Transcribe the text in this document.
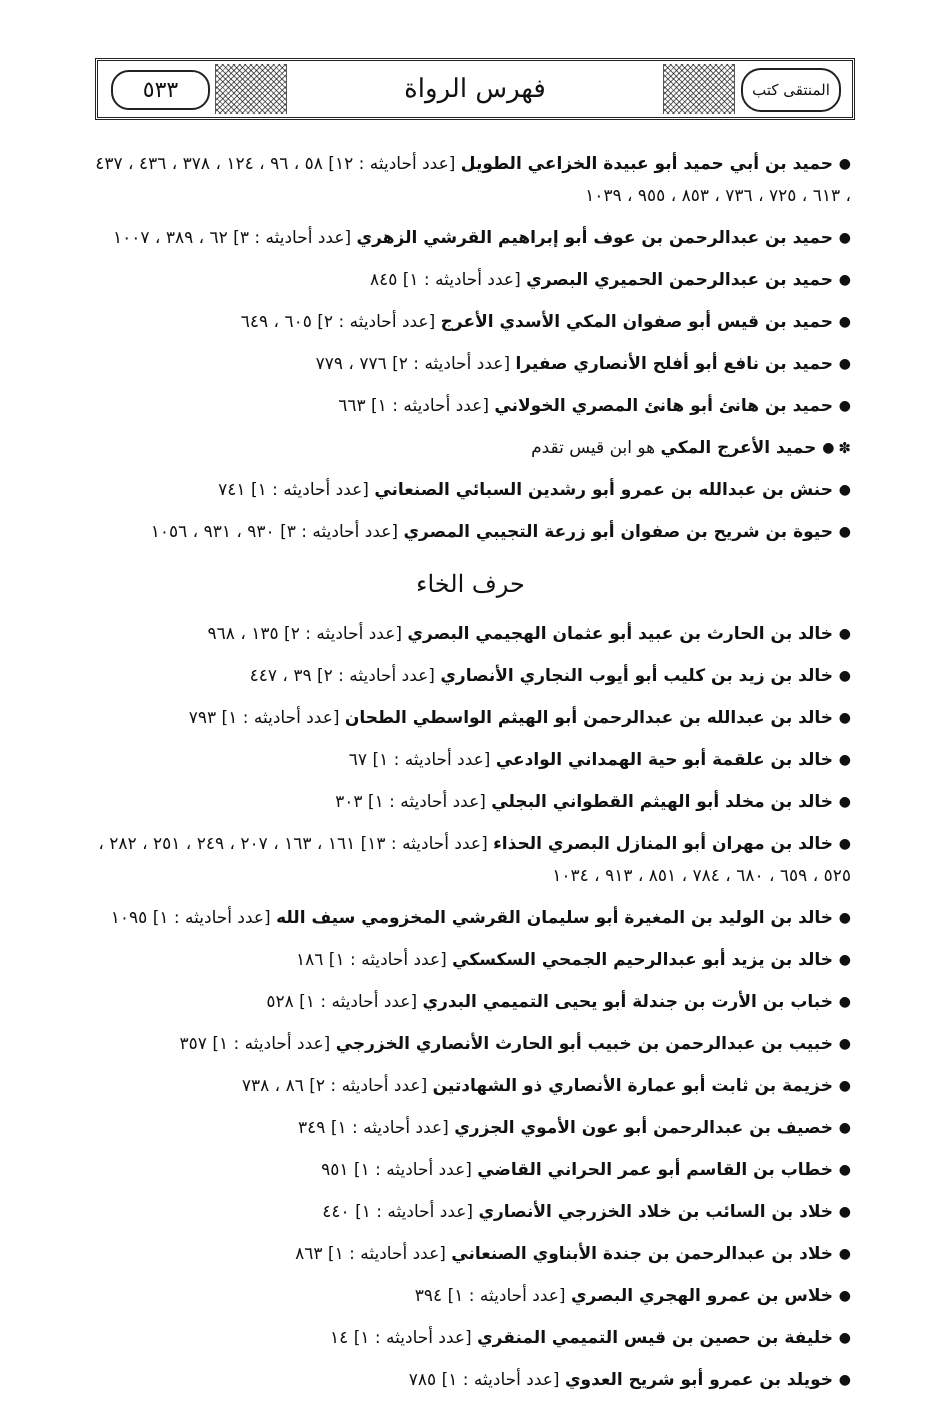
٥٣٣	فهرس الرواة	المنتقى كتب
●حميد بن أبي حميد أبو عبيدة الخزاعي الطويل [عدد أحاديثه : ١٢] ٥٨ ، ٩٦ ، ١٢٤ ، ٣٧٨ ، ٤٣٦ ، ٤٣٧ ، ٦١٣ ، ٧٢٥ ، ٧٣٦ ، ٨٥٣ ، ٩٥٥ ، ١٠٣٩
●حميد بن عبدالرحمن بن عوف أبو إبراهيم القرشي الزهري [عدد أحاديثه : ٣] ٦٢ ، ٣٨٩ ، ١٠٠٧
●حميد بن عبدالرحمن الحميري البصري [عدد أحاديثه : ١] ٨٤٥
●حميد بن قيس أبو صفوان المكي الأسدي الأعرج [عدد أحاديثه : ٢] ٦٠٥ ، ٦٤٩
●حميد بن نافع أبو أفلح الأنصاري صفيرا [عدد أحاديثه : ٢] ٧٧٦ ، ٧٧٩
●حميد بن هانئ أبو هانئ المصري الخولاني [عدد أحاديثه : ١] ٦٦٣
✽●حميد الأعرج المكي هو ابن قيس تقدم
●حنش بن عبدالله بن عمرو أبو رشدين السبائي الصنعاني [عدد أحاديثه : ١] ٧٤١
●حيوة بن شريح بن صفوان أبو زرعة التجيبي المصري [عدد أحاديثه : ٣] ٩٣٠ ، ٩٣١ ، ١٠٥٦
حرف الخاء
●خالد بن الحارث بن عبيد أبو عثمان الهجيمي البصري [عدد أحاديثه : ٢] ١٣٥ ، ٩٦٨
●خالد بن زيد بن كليب أبو أيوب النجاري الأنصاري [عدد أحاديثه : ٢] ٣٩ ، ٤٤٧
●خالد بن عبدالله بن عبدالرحمن أبو الهيثم الواسطي الطحان [عدد أحاديثه : ١] ٧٩٣
●خالد بن علقمة أبو حية الهمداني الوادعي [عدد أحاديثه : ١] ٦٧
●خالد بن مخلد أبو الهيثم القطواني البجلي [عدد أحاديثه : ١] ٣٠٣
●خالد بن مهران أبو المنازل البصري الحذاء [عدد أحاديثه : ١٣] ١٦١ ، ١٦٣ ، ٢٠٧ ، ٢٤٩ ، ٢٥١ ، ٢٨٢ ، ٥٢٥ ، ٦٥٩ ، ٦٨٠ ، ٧٨٤ ، ٨٥١ ، ٩١٣ ، ١٠٣٤
●خالد بن الوليد بن المغيرة أبو سليمان القرشي المخزومي سيف الله [عدد أحاديثه : ١] ١٠٩٥
●خالد بن يزيد أبو عبدالرحيم الجمحي السكسكي [عدد أحاديثه : ١] ١٨٦
●خباب بن الأرت بن جندلة أبو يحيى التميمي البدري [عدد أحاديثه : ١] ٥٢٨
●خبيب بن عبدالرحمن بن خبيب أبو الحارث الأنصاري الخزرجي [عدد أحاديثه : ١] ٣٥٧
●خزيمة بن ثابت أبو عمارة الأنصاري ذو الشهادتين [عدد أحاديثه : ٢] ٨٦ ، ٧٣٨
●خصيف بن عبدالرحمن أبو عون الأموي الجزري [عدد أحاديثه : ١] ٣٤٩
●خطاب بن القاسم أبو عمر الحراني القاضي [عدد أحاديثه : ١] ٩٥١
●خلاد بن السائب بن خلاد الخزرجي الأنصاري [عدد أحاديثه : ١] ٤٤٠
●خلاد بن عبدالرحمن بن جندة الأبناوي الصنعاني [عدد أحاديثه : ١] ٨٦٣
●خلاس بن عمرو الهجري البصري [عدد أحاديثه : ١] ٣٩٤
●خليفة بن حصين بن قيس التميمي المنقري [عدد أحاديثه : ١] ١٤
●خويلد بن عمرو أبو شريح العدوي [عدد أحاديثه : ١] ٧٨٥
